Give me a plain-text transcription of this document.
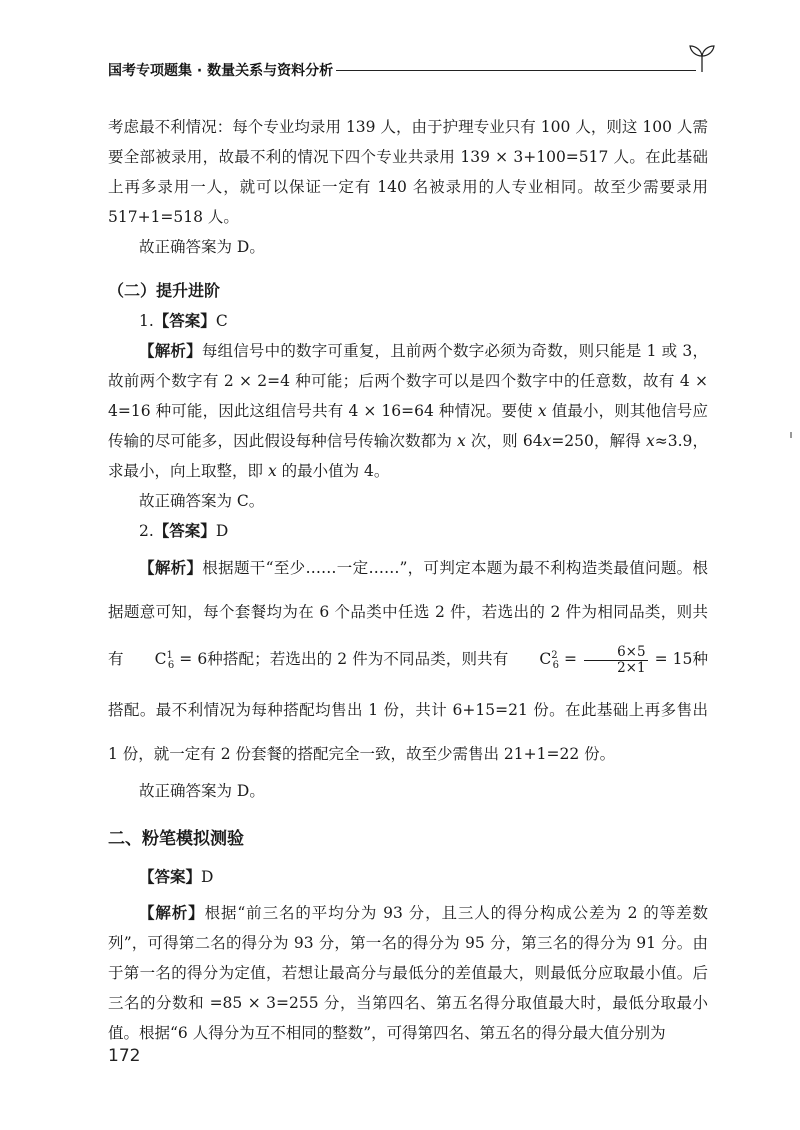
国考专项题集 · 数量关系与资料分析

考虑最不利情况：每个专业均录用 139 人，由于护理专业只有 100 人，则这 100 人需要全部被录用，故最不利的情况下四个专业共录用 139 × 3+100=517 人。在此基础上再多录用一人，就可以保证一定有 140 名被录用的人专业相同。故至少需要录用 517+1=518 人。

故正确答案为 D。

（二）提升进阶

1.【答案】C

【解析】每组信号中的数字可重复，且前两个数字必须为奇数，则只能是 1 或 3，故前两个数字有 2 × 2=4 种可能；后两个数字可以是四个数字中的任意数，故有 4 × 4=16 种可能，因此这组信号共有 4 × 16=64 种情况。要使 x 值最小，则其他信号应传输的尽可能多，因此假设每种信号传输次数都为 x 次，则 64x=250，解得 x≈3.9，求最小，向上取整，即 x 的最小值为 4。

故正确答案为 C。

2.【答案】D

【解析】根据题干“至少……一定……”，可判定本题为最不利构造类最值问题。根据题意可知，每个套餐均为在 6 个品类中任选 2 件，若选出的 2 件为相同品类，则共有 $C^1_6 = 6$种搭配；若选出的 2 件为不同品类，则共有 $C^2_6 = \frac{6\times 5}{2\times 1} = 15$种搭配。最不利情况为每种搭配均售出 1 份，共计 6+15=21 份。在此基础上再多售出 1 份，就一定有 2 份套餐的搭配完全一致，故至少需售出 21+1=22 份。

故正确答案为 D。

二、粉笔模拟测验

【答案】D

【解析】根据“前三名的平均分为 93 分，且三人的得分构成公差为 2 的等差数列”，可得第二名的得分为 93 分，第一名的得分为 95 分，第三名的得分为 91 分。由于第一名的得分为定值，若想让最高分与最低分的差值最大，则最低分应取最小值。后三名的分数和 =85 × 3=255 分，当第四名、第五名得分取值最大时，最低分取最小值。根据“6 人得分为互不相同的整数”，可得第四名、第五名的得分最大值分别为

172
